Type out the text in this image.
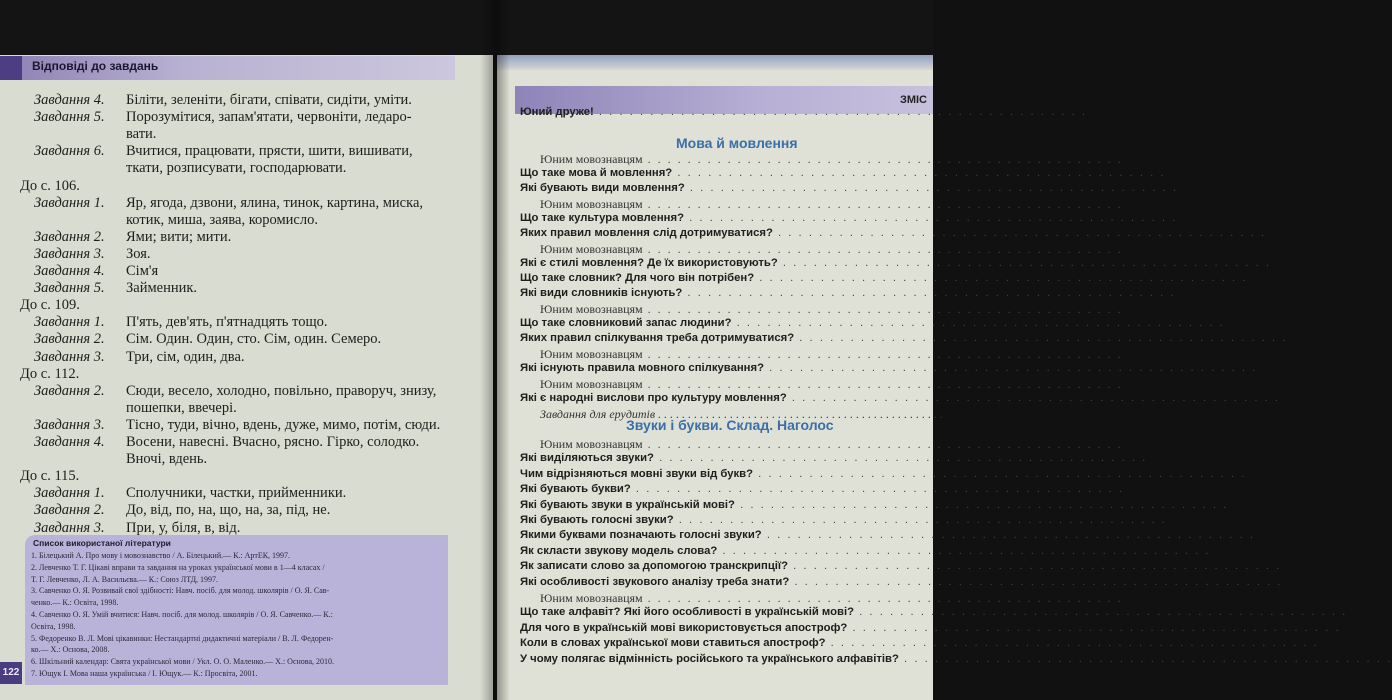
Відповіді до завдань
ЗМІС
Завдання 4. Біліти, зеленіти, бігати, співати, сидіти, уміти.
Завдання 5. Порозумітися, запам'ятати, червоніти, ледаро-
вати.
Завдання 6. Вчитися, працювати, прясти, шити, вишивати,
ткати, розписувати, господарювати.
До с. 106.
Завдання 1. Яр, ягода, дзвони, ялина, тинок, картина, миска,
котик, миша, заява, коромисло.
Завдання 2. Ями; вити; мити.
Завдання 3. Зоя.
Завдання 4. Сім'я
Завдання 5. Займенник.
До с. 109.
Завдання 1. П'ять, дев'ять, п'ятнадцять тощо.
Завдання 2. Сім. Один. Один, сто. Сім, один. Семеро.
Завдання 3. Три, сім, один, два.
До с. 112.
Завдання 2. Сюди, весело, холодно, повільно, праворуч, знизу,
пошепки, ввечері.
Завдання 3. Тісно, туди, вічно, вдень, дуже, мимо, потім, сюди.
Завдання 4. Восени, навесні. Вчасно, рясно. Гірко, солодко.
Вночі, вдень.
До с. 115.
Завдання 1. Сполучники, частки, прийменники.
Завдання 2. До, від, по, на, що, на, за, під, не.
Завдання 3. При, у, біля, в, від.
Список використаної літератури
1. Білецький А. Про мову і мовознавство / А. Білецький.— К.: АртЕК, 1997.
2. Левченко Т. Г. Цікаві вправи та завдання на уроках української мови в 1—4 класах /
Т. Г. Левченко, Л. А. Васильєва.— К.: Союз ЛТД, 1997.
3. Савченко О. Я. Розвивай свої здібності: Навч. посіб. для молод. школярів / О. Я. Сав-
ченко.— К.: Освіта, 1998.
4. Савченко О. Я. Умій вчитися: Навч. посіб. для молод. школярів / О. Я. Савченко.— К.:
Освіта, 1998.
5. Федоренко В. Л. Мові цікавинки: Нестандартні дидактичні матеріали / В. Л. Федорен-
ко.— Х.: Основа, 2008.
6. Шкільний календар: Свята української мови / Укл. О. О. Маленко.— Х.: Основа, 2010.
7. Ющук І. Мова наша українська / І. Ющук.— К.: Просвіта, 2001.
122
Юний друже! . . . . . . . . . . . . . . . . . . . . . . . . . . . . . . . . . . . . . . . . . . . . . . . .
Мова й мовлення
Юним мовознавцям . . . . . . . . . . . . . . . . . . . . . . . . . . . . . . . . . . . . . . . . . . . . . . . .
Що таке мова й мовлення? . . . . . . . . . . . . . . . . . . . . . . . . . . . . . . . . . . . . . . . . . . . . . . . .
Які бувають види мовлення? . . . . . . . . . . . . . . . . . . . . . . . . . . . . . . . . . . . . . . . . . . . . . . . .
Юним мовознавцям . . . . . . . . . . . . . . . . . . . . . . . . . . . . . . . . . . . . . . . . . . . . . . . .
Що таке культура мовлення? . . . . . . . . . . . . . . . . . . . . . . . . . . . . . . . . . . . . . . . . . . . . . . . .
Яких правил мовлення слід дотримуватися? . . . . . . . . . . . . . . . . . . . . . . . . . . . . . . . . . . . . . . . . . . . . . . . .
Юним мовознавцям . . . . . . . . . . . . . . . . . . . . . . . . . . . . . . . . . . . . . . . . . . . . . . . .
Які є стилі мовлення? Де їх використовують? . . . . . . . . . . . . . . . . . . . . . . . . . . . . . . . . . . . . . . . . . . . . . . . .
Що таке словник? Для чого він потрібен? . . . . . . . . . . . . . . . . . . . . . . . . . . . . . . . . . . . . . . . . . . . . . . . .
Які види словників існують? . . . . . . . . . . . . . . . . . . . . . . . . . . . . . . . . . . . . . . . . . . . . . . . .
Юним мовознавцям . . . . . . . . . . . . . . . . . . . . . . . . . . . . . . . . . . . . . . . . . . . . . . . .
Що таке словниковий запас людини? . . . . . . . . . . . . . . . . . . . . . . . . . . . . . . . . . . . . . . . . . . . . . . . .
Яких правил спілкування треба дотримуватися? . . . . . . . . . . . . . . . . . . . . . . . . . . . . . . . . . . . . . . . . . . . . . . . .
Юним мовознавцям . . . . . . . . . . . . . . . . . . . . . . . . . . . . . . . . . . . . . . . . . . . . . . . .
Які існують правила мовного спілкування? . . . . . . . . . . . . . . . . . . . . . . . . . . . . . . . . . . . . . . . . . . . . . . . .
Юним мовознавцям . . . . . . . . . . . . . . . . . . . . . . . . . . . . . . . . . . . . . . . . . . . . . . . .
Які є народні вислови про культуру мовлення? . . . . . . . . . . . . . . . . . . . . . . . . . . . . . . . . . . . . . . . . . . . . . . . .
Завдання для ерудитів . . . . . . . . . . . . . . . . . . . . . . . . . . . . . . . . . . . . . . . . . . . . . . . .
Звуки і букви. Склад. Наголос
Юним мовознавцям . . . . . . . . . . . . . . . . . . . . . . . . . . . . . . . . . . . . . . . . . . . . . . . .
Які виділяються звуки? . . . . . . . . . . . . . . . . . . . . . . . . . . . . . . . . . . . . . . . . . . . . . . . .
Чим відрізняються мовні звуки від букв? . . . . . . . . . . . . . . . . . . . . . . . . . . . . . . . . . . . . . . . . . . . . . . . .
Які бувають букви? . . . . . . . . . . . . . . . . . . . . . . . . . . . . . . . . . . . . . . . . . . . . . . . .
Які бувають звуки в українській мові? . . . . . . . . . . . . . . . . . . . . . . . . . . . . . . . . . . . . . . . . . . . . . . . .
Які бувають голосні звуки? . . . . . . . . . . . . . . . . . . . . . . . . . . . . . . . . . . . . . . . . . . . . . . . .
Якими буквами позначають голосні звуки? . . . . . . . . . . . . . . . . . . . . . . . . . . . . . . . . . . . . . . . . . . . . . . . .
Як скласти звукову модель слова? . . . . . . . . . . . . . . . . . . . . . . . . . . . . . . . . . . . . . . . . . . . . . . . .
Як записати слово за допомогою транскрипції? . . . . . . . . . . . . . . . . . . . . . . . . . . . . . . . . . . . . . . . . . . . . . . . .
Які особливості звукового аналізу треба знати? . . . . . . . . . . . . . . . . . . . . . . . . . . . . . . . . . . . . . . . . . . . . . . . .
Юним мовознавцям . . . . . . . . . . . . . . . . . . . . . . . . . . . . . . . . . . . . . . . . . . . . . . . .
Що таке алфавіт? Які його особливості в українській мові? . . . . . . . . . . . . . . . . . . . . . . . . . . . . . . . . . . . . . . . . . . . . . . . .
Для чого в українській мові використовується апостроф? . . . . . . . . . . . . . . . . . . . . . . . . . . . . . . . . . . . . . . . . . . . . . . . .
Коли в словах української мови ставиться апостроф? . . . . . . . . . . . . . . . . . . . . . . . . . . . . . . . . . . . . . . . . . . . . . . . .
У чому полягає відмінність російського та українського алфавітів? . . . . . . . . . . . . . . . . . . . . . . . . . . . . . . . . . . . . . . . . . . . . . . . .
